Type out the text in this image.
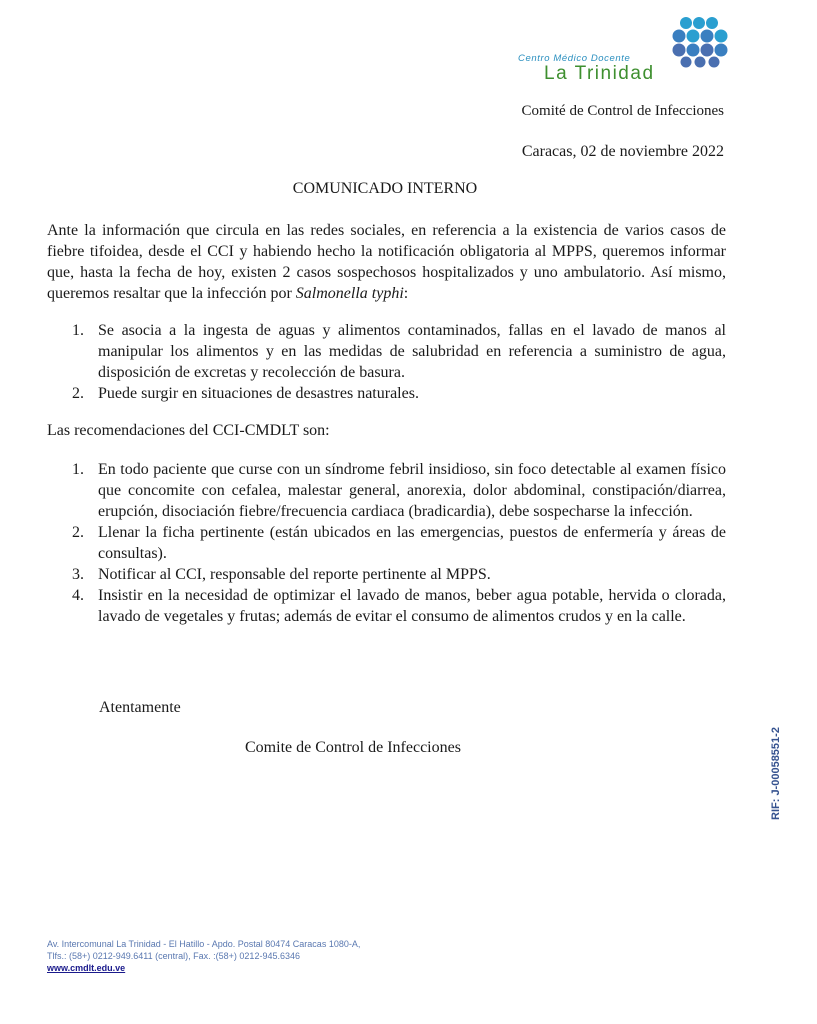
Centro Médico Docente
La Trinidad
Comité de Control de Infecciones
Caracas, 02 de noviembre 2022
COMUNICADO INTERNO
Ante la información que circula en las redes sociales, en referencia a la existencia de varios casos de fiebre tifoidea, desde el CCI y habiendo hecho la notificación obligatoria al MPPS, queremos informar que, hasta la fecha de hoy, existen 2 casos sospechosos hospitalizados y uno ambulatorio. Así mismo, queremos resaltar que la infección por Salmonella typhi:
1. Se asocia a la ingesta de aguas y alimentos contaminados, fallas en el lavado de manos al manipular los alimentos y en las medidas de salubridad en referencia a suministro de agua, disposición de excretas y recolección de basura.
2. Puede surgir en situaciones de desastres naturales.
Las recomendaciones del CCI-CMDLT son:
1. En todo paciente que curse con un síndrome febril insidioso, sin foco detectable al examen físico que concomite con cefalea, malestar general, anorexia, dolor abdominal, constipación/diarrea, erupción, disociación fiebre/frecuencia cardiaca (bradicardia), debe sospecharse la infección.
2. Llenar la ficha pertinente (están ubicados en las emergencias, puestos de enfermería y áreas de consultas).
3. Notificar al CCI, responsable del reporte pertinente al MPPS.
4. Insistir en la necesidad de optimizar el lavado de manos, beber agua potable, hervida o clorada, lavado de vegetales y frutas; además de evitar el consumo de alimentos crudos y en la calle.
Atentamente
Comite de Control de Infecciones	RIF: J-00058551-2
Av. Intercomunal La Trinidad - El Hatillo - Apdo. Postal 80474 Caracas 1080-A,
Tlfs.: (58+) 0212-949.6411 (central), Fax. :(58+) 0212-945.6346
www.cmdlt.edu.ve
